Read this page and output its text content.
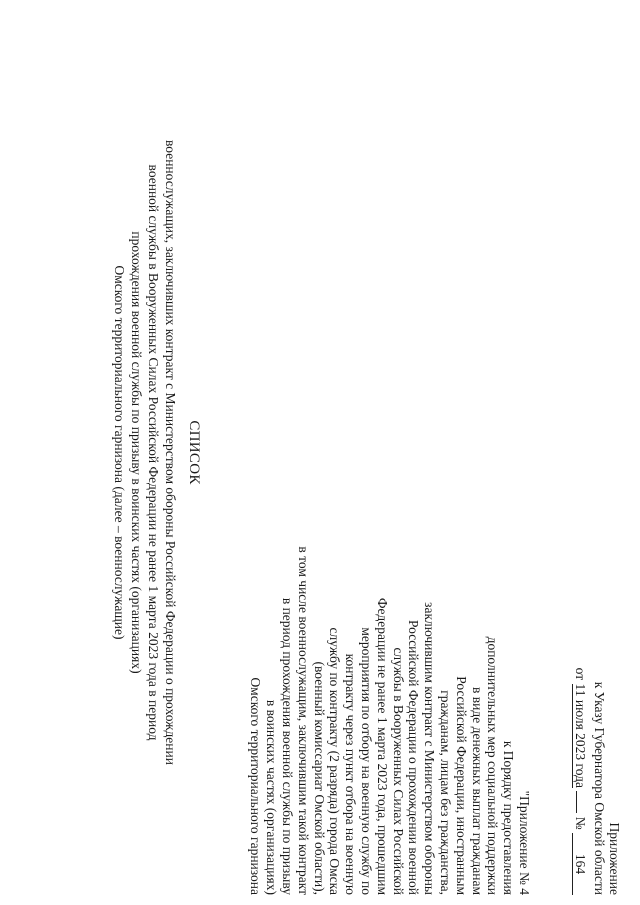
Приложение
к Указу Губернатора Омской области
от 11 июля 2023 года  № 164
"Приложение № 4
к Порядку предоставления
дополнительных мер социальной поддержки
в виде денежных выплат гражданам
Российской Федерации, иностранным
гражданам, лицам без гражданства,
заключившим контракт с Министерством обороны
Российской Федерации о прохождении военной
службы в Вооруженных Силах Российской
Федерации не ранее 1 марта 2023 года, прошедшим
мероприятия по отбору на военную службу по
контракту через пункт отбора на военную
службу по контракту (2 разряда) города Омска
(военный комиссариат Омской области),
в том числе военнослужащим, заключившим такой контракт
в период прохождения военной службы по призыву
в воинских частях (организациях)
Омского территориального гарнизона
СПИСОК
военнослужащих, заключивших контракт с Министерством обороны Российской Федерации о прохождении
военной службы в Вооруженных Силах Российской Федерации не ранее 1 марта 2023 года в период
прохождения военной службы по призыву в воинских частях (организациях)
Омского территориального гарнизона (далее – военнослужащие)
